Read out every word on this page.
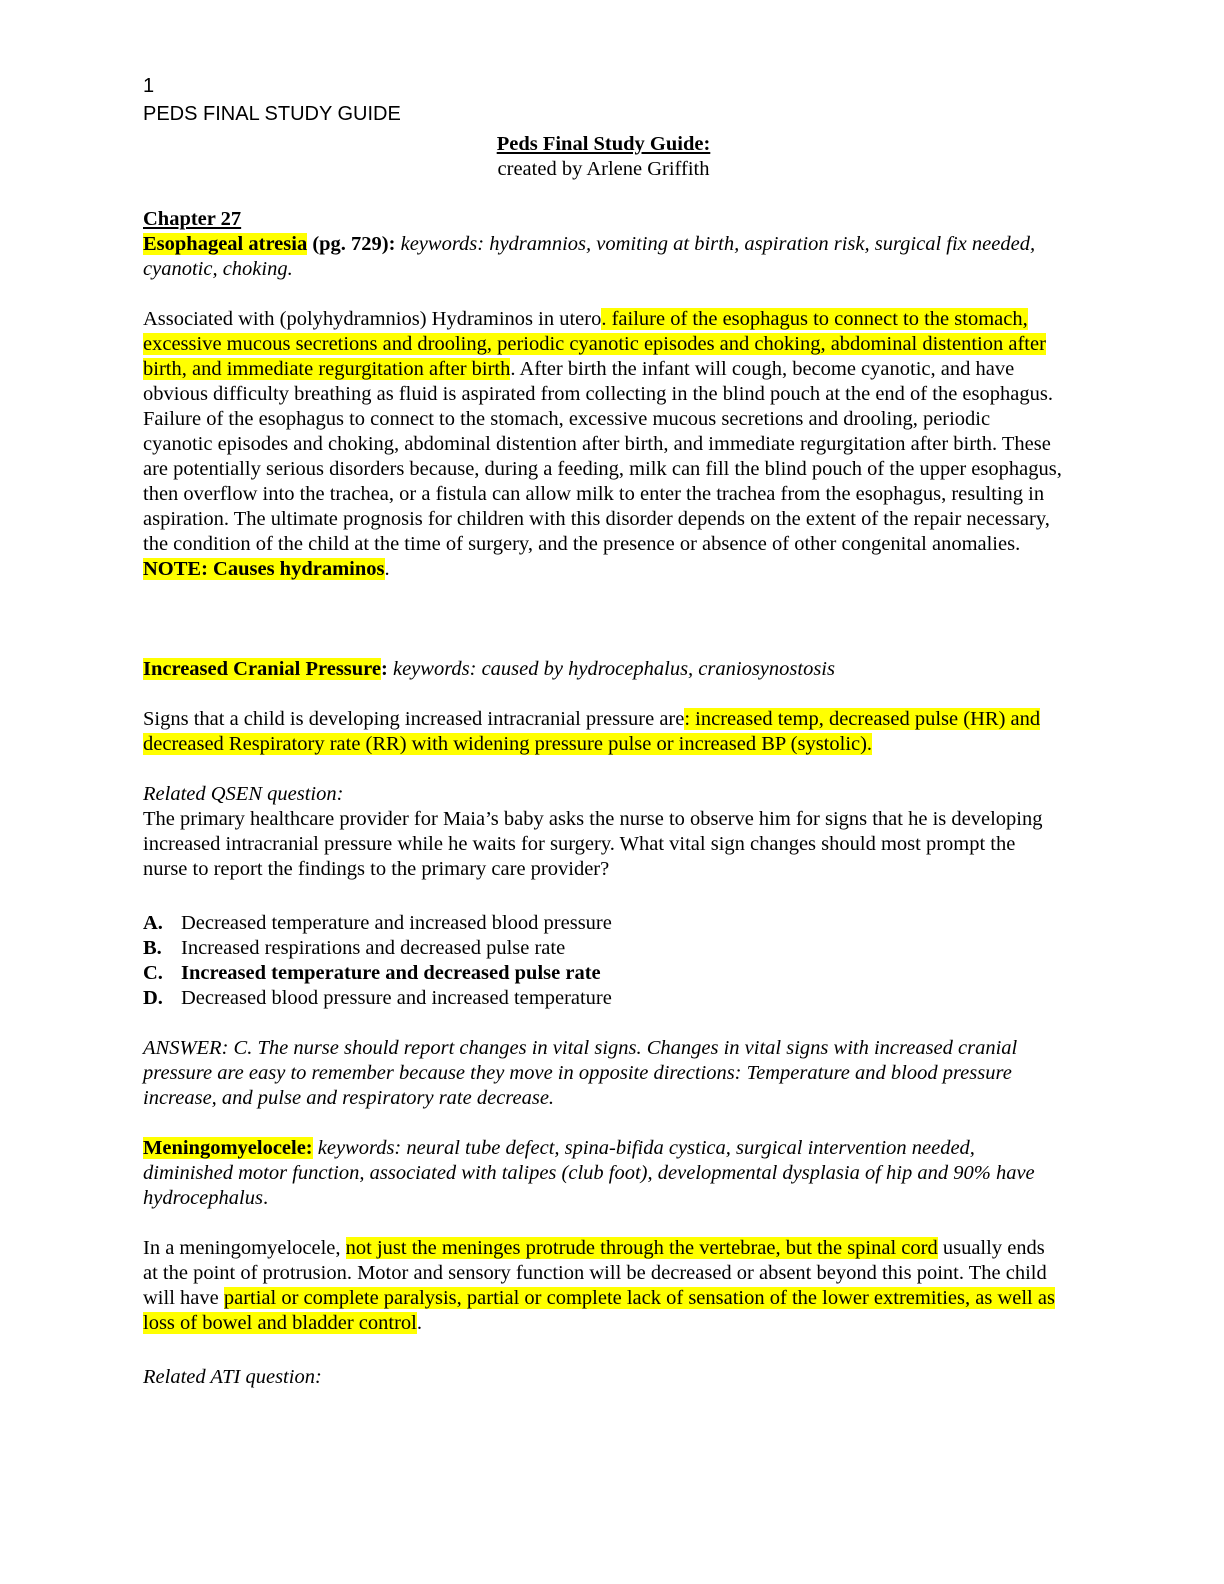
1

PEDS FINAL STUDY GUIDE

Peds Final Study Guide:

created by Arlene Griffith

Chapter 27

Esophageal atresia (pg. 729): keywords: hydramnios, vomiting at birth, aspiration risk, surgical fix needed, cyanotic, choking.

Associated with (polyhydramnios) Hydraminos in utero. failure of the esophagus to connect to the stomach, excessive mucous secretions and drooling, periodic cyanotic episodes and choking, abdominal distention after birth, and immediate regurgitation after birth. After birth the infant will cough, become cyanotic, and have obvious difficulty breathing as fluid is aspirated from collecting in the blind pouch at the end of the esophagus. Failure of the esophagus to connect to the stomach, excessive mucous secretions and drooling, periodic cyanotic episodes and choking, abdominal distention after birth, and immediate regurgitation after birth. These are potentially serious disorders because, during a feeding, milk can fill the blind pouch of the upper esophagus, then overflow into the trachea, or a fistula can allow milk to enter the trachea from the esophagus, resulting in aspiration. The ultimate prognosis for children with this disorder depends on the extent of the repair necessary, the condition of the child at the time of surgery, and the presence or absence of other congenital anomalies. NOTE: Causes hydraminos.

Increased Cranial Pressure: keywords: caused by hydrocephalus, craniosynostosis

Signs that a child is developing increased intracranial pressure are: increased temp, decreased pulse (HR) and decreased Respiratory rate (RR) with widening pressure pulse or increased BP (systolic).

Related QSEN question:

The primary healthcare provider for Maia’s baby asks the nurse to observe him for signs that he is developing increased intracranial pressure while he waits for surgery. What vital sign changes should most prompt the nurse to report the findings to the primary care provider?

A. Decreased temperature and increased blood pressure
B. Increased respirations and decreased pulse rate
C. Increased temperature and decreased pulse rate
D. Decreased blood pressure and increased temperature

ANSWER: C. The nurse should report changes in vital signs. Changes in vital signs with increased cranial pressure are easy to remember because they move in opposite directions: Temperature and blood pressure increase, and pulse and respiratory rate decrease.

Meningomyelocele: keywords: neural tube defect, spina-bifida cystica, surgical intervention needed, diminished motor function, associated with talipes (club foot), developmental dysplasia of hip and 90% have hydrocephalus.

In a meningomyelocele, not just the meninges protrude through the vertebrae, but the spinal cord usually ends at the point of protrusion. Motor and sensory function will be decreased or absent beyond this point. The child will have partial or complete paralysis, partial or complete lack of sensation of the lower extremities, as well as loss of bowel and bladder control.

Related ATI question:
